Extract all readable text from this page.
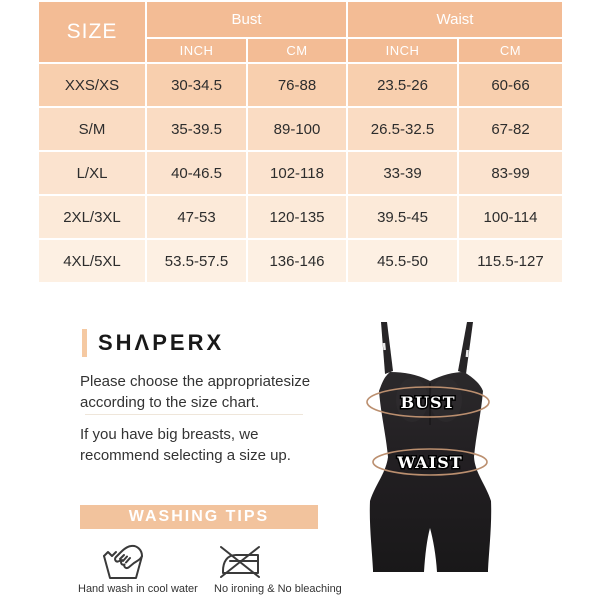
SIZE	Bust		Waist	
	INCH	CM	INCH	CM
XXS/XS	30-34.5	76-88	23.5-26	60-66
S/M	35-39.5	89-100	26.5-32.5	67-82
L/XL	40-46.5	102-118	33-39	83-99
2XL/3XL	47-53	120-135	39.5-45	100-114
4XL/5XL	53.5-57.5	136-146	45.5-50	115.5-127
SHΛPERX
Please choose the appropriatesize according to the size chart.
If you have big breasts, we recommend selecting a size up.
WASHING TIPS
Hand wash in cool water No ironing & No bleaching
BUST
WAIST
